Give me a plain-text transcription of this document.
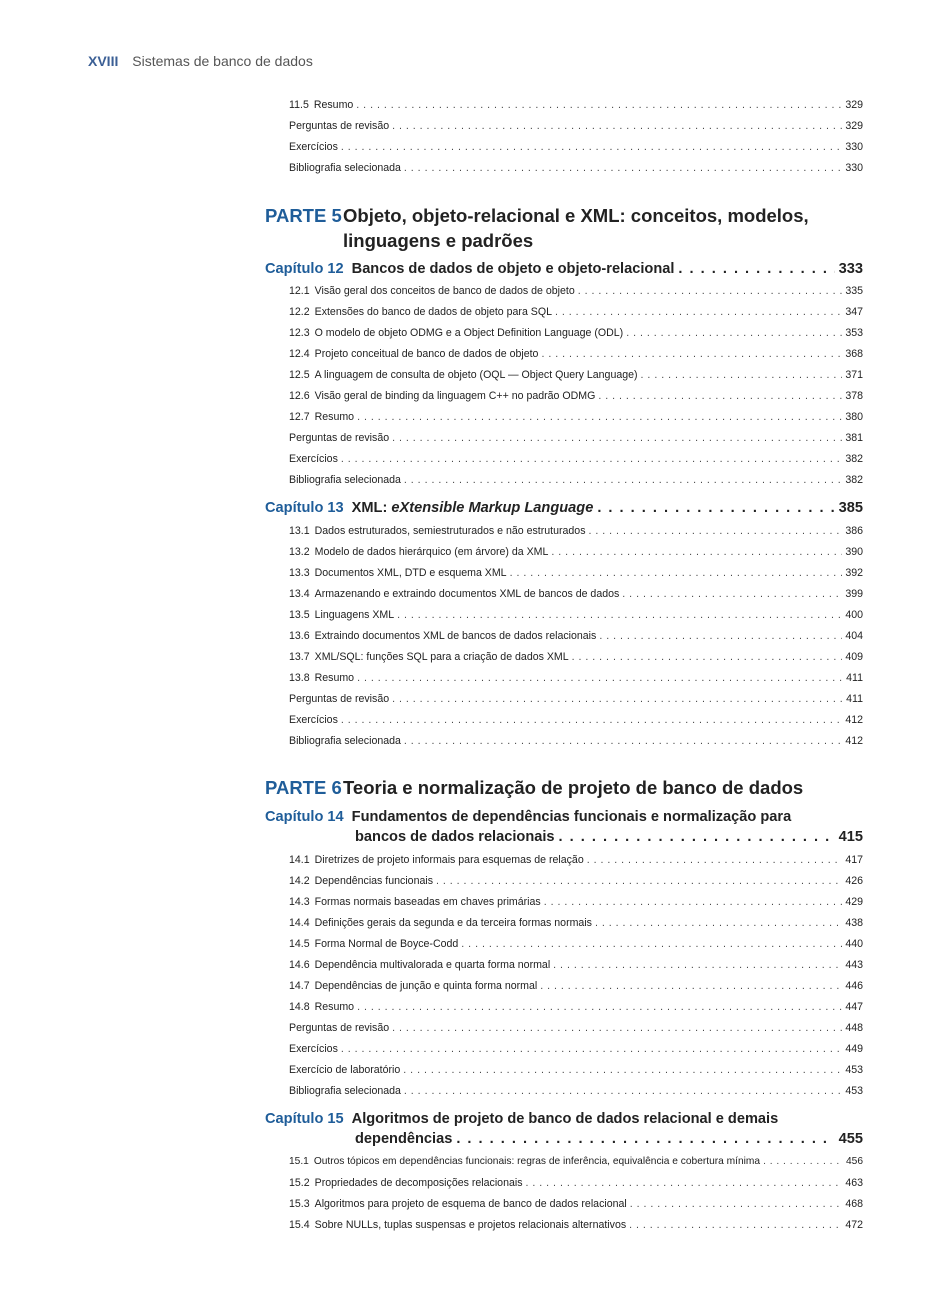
XVIII Sistemas de banco de dados
11.5 Resumo . . .	329
Perguntas de revisão . . .	329
Exercícios . . .	330
Bibliografia selecionada . . .	330
PARTE 5 Objeto, objeto-relacional e XML: conceitos, modelos, linguagens e padrões
Capítulo 12 Bancos de dados de objeto e objeto-relacional . . .	333
12.1 Visão geral dos conceitos de banco de dados de objeto . . .	335
12.2 Extensões do banco de dados de objeto para SQL . . .	347
12.3 O modelo de objeto ODMG e a Object Definition Language (ODL) . . .	353
12.4 Projeto conceitual de banco de dados de objeto . . .	368
12.5 A linguagem de consulta de objeto (OQL — Object Query Language) . . .	371
12.6 Visão geral de binding da linguagem C++ no padrão ODMG . . .	378
12.7 Resumo . . .	380
Perguntas de revisão . . .	381
Exercícios . . .	382
Bibliografia selecionada . . .	382
Capítulo 13 XML: eXtensible Markup Language . . .	385
13.1 Dados estruturados, semiestruturados e não estruturados . . .	386
13.2 Modelo de dados hierárquico (em árvore) da XML . . .	390
13.3 Documentos XML, DTD e esquema XML . . .	392
13.4 Armazenando e extraindo documentos XML de bancos de dados . . .	399
13.5 Linguagens XML . . .	400
13.6 Extraindo documentos XML de bancos de dados relacionais . . .	404
13.7 XML/SQL: funções SQL para a criação de dados XML . . .	409
13.8 Resumo . . .	411
Perguntas de revisão . . .	411
Exercícios . . .	412
Bibliografia selecionada . . .	412
PARTE 6 Teoria e normalização de projeto de banco de dados
Capítulo 14 Fundamentos de dependências funcionais e normalização para
bancos de dados relacionais . . .	415
14.1 Diretrizes de projeto informais para esquemas de relação . . .	417
14.2 Dependências funcionais . . .	426
14.3 Formas normais baseadas em chaves primárias . . .	429
14.4 Definições gerais da segunda e da terceira formas normais . . .	438
14.5 Forma Normal de Boyce-Codd . . .	440
14.6 Dependência multivalorada e quarta forma normal . . .	443
14.7 Dependências de junção e quinta forma normal . . .	446
14.8 Resumo . . .	447
Perguntas de revisão . . .	448
Exercícios . . .	449
Exercício de laboratório . . .	453
Bibliografia selecionada . . .	453
Capítulo 15 Algoritmos de projeto de banco de dados relacional e demais
dependências . . .	455
15.1 Outros tópicos em dependências funcionais: regras de inferência, equivalência e cobertura mínima . . .	456
15.2 Propriedades de decomposições relacionais . . .	463
15.3 Algoritmos para projeto de esquema de banco de dados relacional . . .	468
15.4 Sobre NULLs, tuplas suspensas e projetos relacionais alternativos . . .	472
